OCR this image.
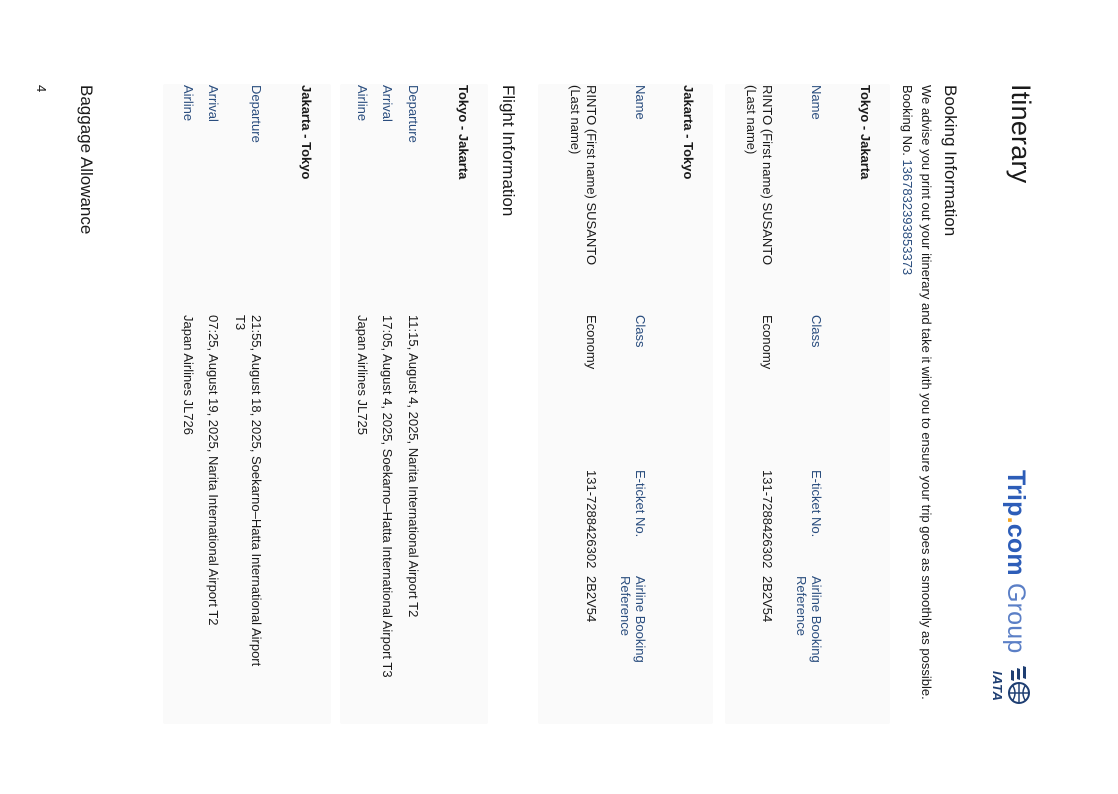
Itinerary
Trip.com Group
IATA
Booking Information
We advise you print out your itinerary and take it with you to ensure your trip goes as smoothly as possible.
Booking No. 1367832393853373
Tokyo - Jakarta
Name
Class
E-ticket No.
Airline Booking
Reference
RINTO (First name) SUSANTO
(Last name)
Economy
131-7288426302
2B2V54
Jakarta - Tokyo
Name
Class
E-ticket No.
Airline Booking
Reference
RINTO (First name) SUSANTO
(Last name)
Economy
131-7288426302
2B2V54
Flight Information
Tokyo - Jakarta
Departure
Arrival
Airline
11:15, August 4, 2025, Narita International Airport T2
17:05, August 4, 2025, Soekarno–Hatta International Airport T3
Japan Airlines JL725
Jakarta - Tokyo
Departure
Arrival
Airline
21:55, August 18, 2025, Soekarno–Hatta International Airport
T3
07:25, August 19, 2025, Narita International Airport T2
Japan Airlines JL726
Baggage Allowance
4
